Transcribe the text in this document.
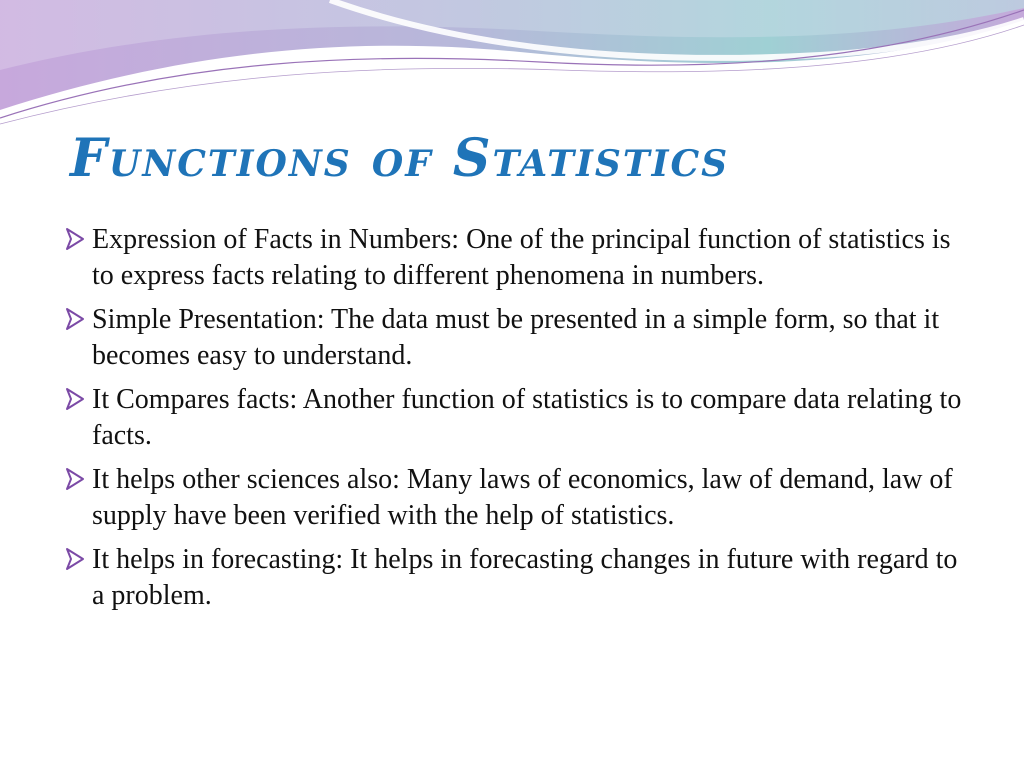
Functions of Statistics
Expression of Facts in Numbers: One of the principal function of statistics is to express facts relating to different phenomena in numbers.
Simple Presentation: The data must be presented in a simple form, so that it becomes easy to understand.
It Compares facts: Another function of statistics is to compare data relating to facts.
It helps other sciences also: Many laws of economics, law of demand, law of supply have been verified with the help of statistics.
It helps in forecasting: It helps in forecasting changes in future with regard to a problem.
